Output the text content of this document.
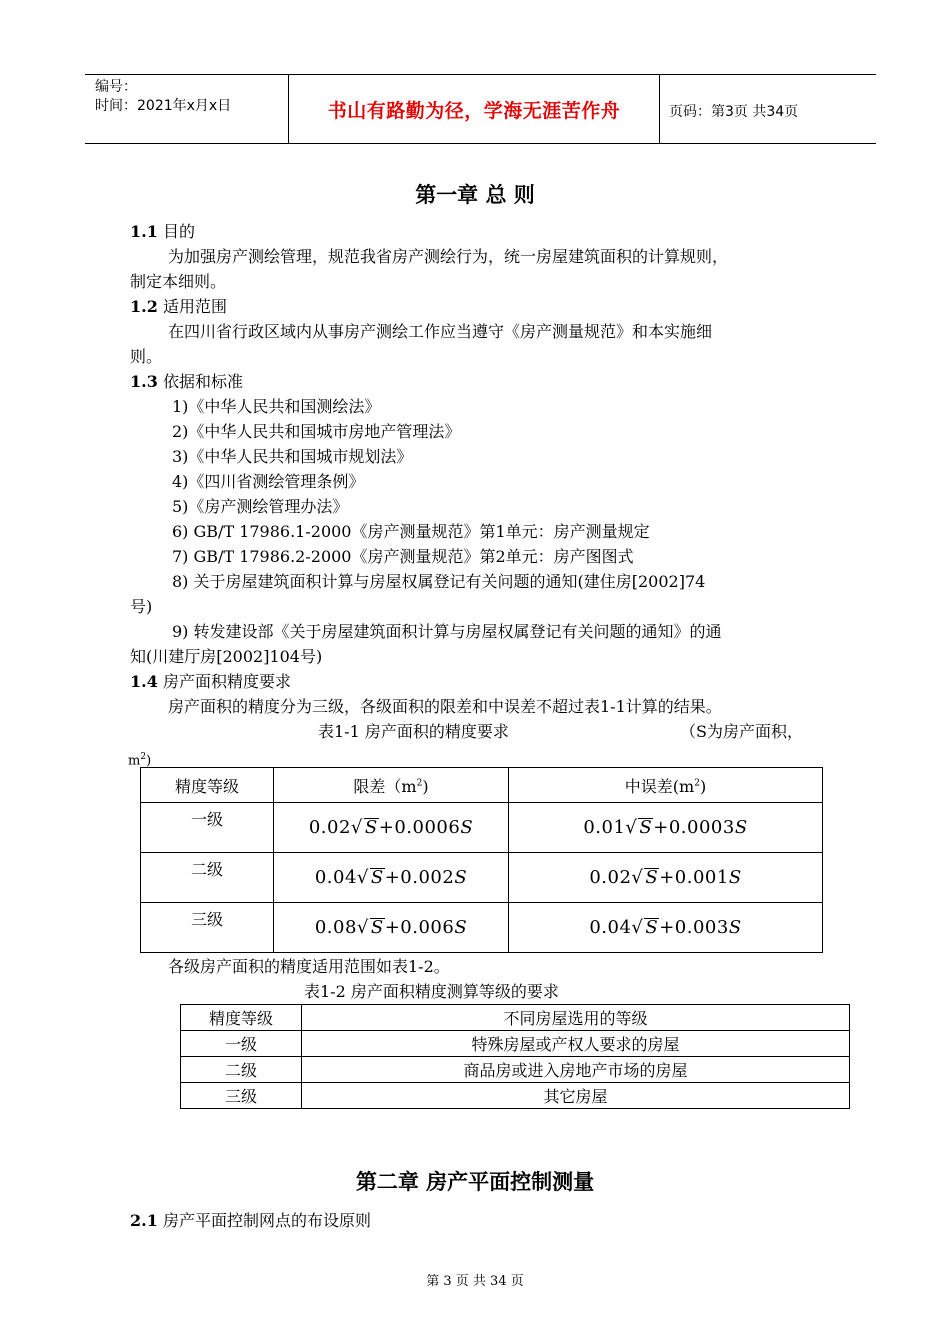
编号：
时间：2021年x月x日	书山有路勤为径，学海无涯苦作舟	页码：第3页 共34页
第一章 总 则
1.1 目的
为加强房产测绘管理，规范我省房产测绘行为，统一房屋建筑面积的计算规则，
制定本细则。
1.2 适用范围
在四川省行政区域内从事房产测绘工作应当遵守《房产测量规范》和本实施细
则。
1.3 依据和标准
1)《中华人民共和国测绘法》
2)《中华人民共和国城市房地产管理法》
3)《中华人民共和国城市规划法》
4)《四川省测绘管理条例》
5)《房产测绘管理办法》
6) GB/T 17986.1-2000《房产测量规范》第1单元：房产测量规定
7) GB/T 17986.2-2000《房产测量规范》第2单元：房产图图式
8) 关于房屋建筑面积计算与房屋权属登记有关问题的通知(建住房[2002]74
号)
9) 转发建设部《关于房屋建筑面积计算与房屋权属登记有关问题的通知》的通
知(川建厅房[2002]104号)
1.4 房产面积精度要求
房产面积的精度分为三级，各级面积的限差和中误差不超过表1-1计算的结果。
表1-1 房产面积的精度要求	（S为房产面积，
$m^2$)
精度等级	限差$(m^2)$	中误差$(m^2)$
一级	0.02√ S+0.0006S	0.01√ S+0.0003S
二级	0.04√ S+0.002S	0.02√ S+0.001S
三级	0.08√ S+0.006S	0.04√ S+0.003S
各级房产面积的精度适用范围如表1-2。
表1-2 房产面积精度测算等级的要求
精度等级	不同房屋选用的等级
一级	特殊房屋或产权人要求的房屋
二级	商品房或进入房地产市场的房屋
三级	其它房屋
第二章 房产平面控制测量
2.1 房产平面控制网点的布设原则
第 3 页 共 34 页
